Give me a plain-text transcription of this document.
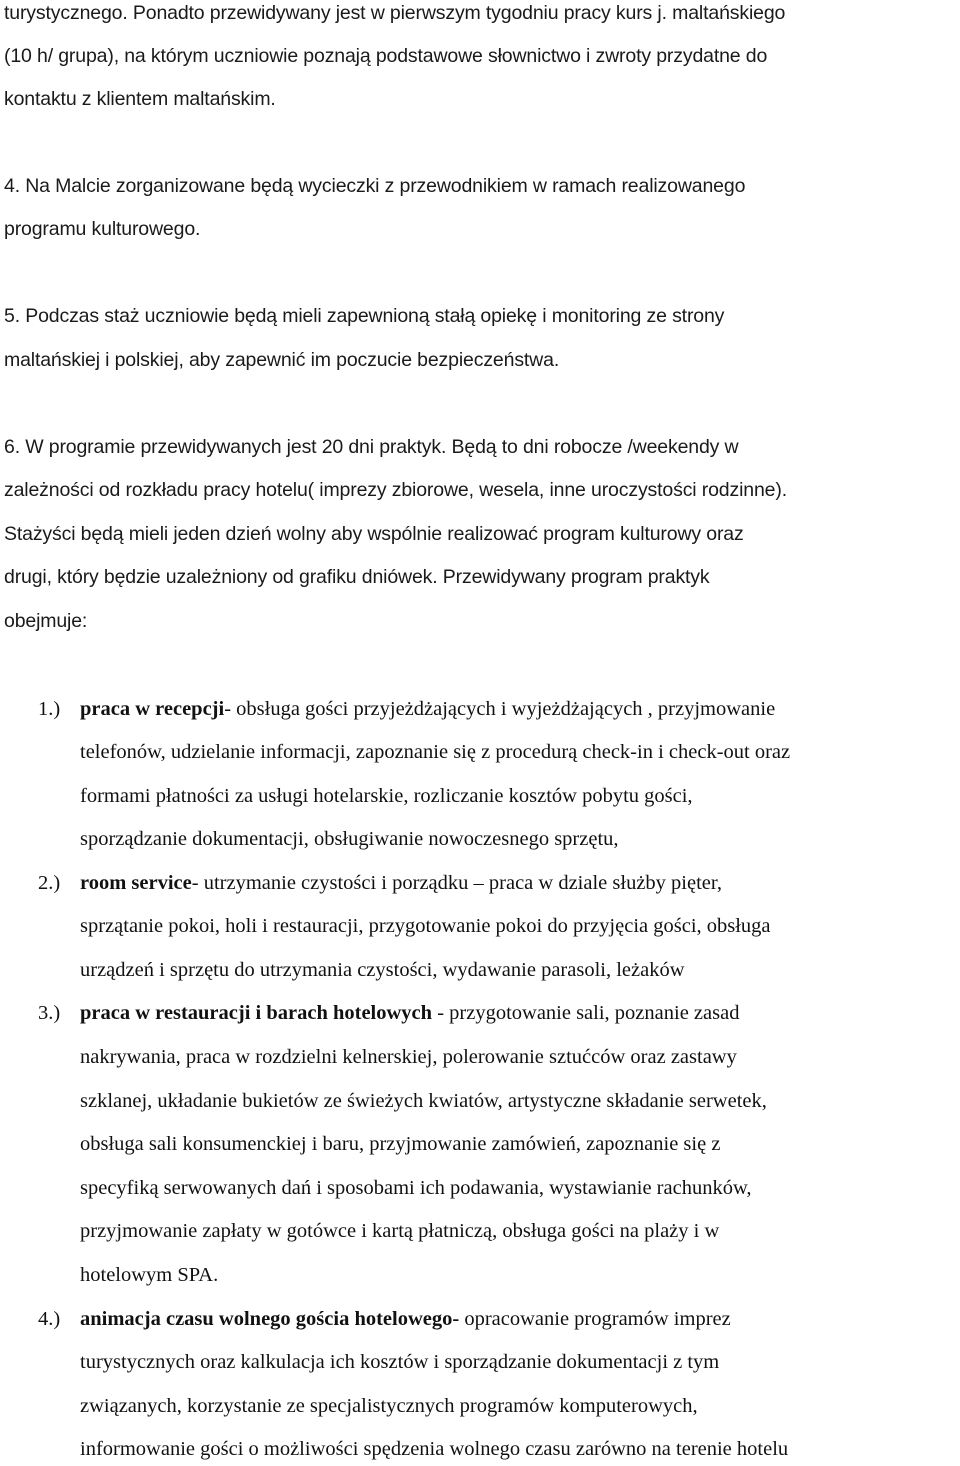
turystycznego. Ponadto przewidywany jest w pierwszym tygodniu pracy kurs j. maltańskiego
(10 h/ grupa), na którym uczniowie poznają podstawowe słownictwo i zwroty przydatne do
kontaktu z klientem maltańskim.
4. Na Malcie zorganizowane będą wycieczki z przewodnikiem w ramach realizowanego
programu kulturowego.
5. Podczas staż uczniowie będą mieli zapewnioną stałą opiekę i monitoring ze strony
maltańskiej i polskiej, aby zapewnić im poczucie bezpieczeństwa.
6. W programie przewidywanych jest 20 dni praktyk. Będą to dni robocze /weekendy w
zależności od rozkładu pracy hotelu( imprezy zbiorowe, wesela, inne uroczystości rodzinne).
Stażyści będą mieli jeden dzień wolny aby wspólnie realizować program kulturowy oraz
drugi, który będzie uzależniony od grafiku dniówek. Przewidywany program praktyk
obejmuje:
1.) praca w recepcji- obsługa gości przyjeżdżających i wyjeżdżających , przyjmowanie
telefonów, udzielanie informacji, zapoznanie się z procedurą check-in i check-out oraz
formami płatności za usługi hotelarskie, rozliczanie kosztów pobytu gości,
sporządzanie dokumentacji, obsługiwanie nowoczesnego sprzętu,
2.) room service- utrzymanie czystości i porządku – praca w dziale służby pięter,
sprzątanie pokoi, holi i restauracji, przygotowanie pokoi do przyjęcia gości, obsługa
urządzeń i sprzętu do utrzymania czystości, wydawanie parasoli, leżaków
3.) praca w restauracji i barach hotelowych - przygotowanie sali, poznanie zasad
nakrywania, praca w rozdzielni kelnerskiej, polerowanie sztućców oraz zastawy
szklanej, układanie bukietów ze świeżych kwiatów, artystyczne składanie serwetek,
obsługa sali konsumenckiej i baru, przyjmowanie zamówień, zapoznanie się z
specyfiką serwowanych dań i sposobami ich podawania, wystawianie rachunków,
przyjmowanie zapłaty w gotówce i kartą płatniczą, obsługa gości na plaży i w
hotelowym SPA.
4.) animacja czasu wolnego gościa hotelowego- opracowanie programów imprez
turystycznych oraz kalkulacja ich kosztów i sporządzanie dokumentacji z tym
związanych, korzystanie ze specjalistycznych programów komputerowych,
informowanie gości o możliwości spędzenia wolnego czasu zarówno na terenie hotelu
